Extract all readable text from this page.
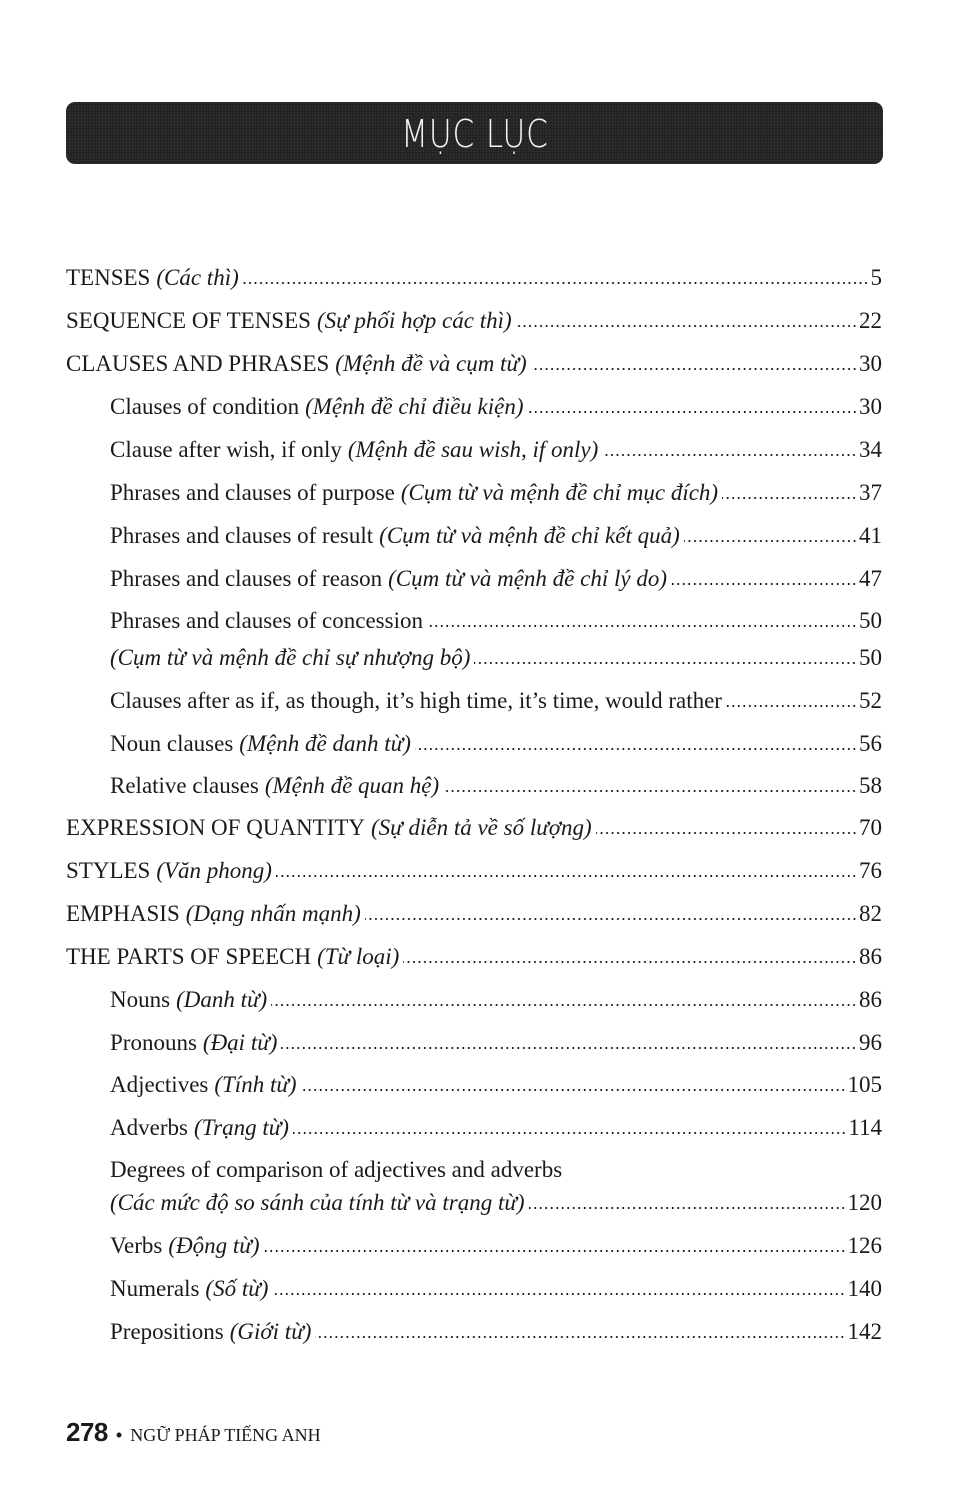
MỤC LỤC
TENSES (Các thì)	5
SEQUENCE OF TENSES (Sự phối hợp các thì)	22
CLAUSES AND PHRASES (Mệnh đề và cụm từ)	30
Clauses of condition (Mệnh đề chỉ điều kiện)	30
Clause after wish, if only (Mệnh đề sau wish, if only)	34
Phrases and clauses of purpose (Cụm từ và mệnh đề chỉ mục đích)	37
Phrases and clauses of result (Cụm từ và mệnh đề chỉ kết quả)	41
Phrases and clauses of reason (Cụm từ và mệnh đề chỉ lý do)	47
Phrases and clauses of concession	50
(Cụm từ và mệnh đề chỉ sự nhượng bộ)	50
Clauses after as if, as though, it’s high time, it’s time, would rather	52
Noun clauses (Mệnh đề danh từ)	56
Relative clauses (Mệnh đề quan hệ)	58
EXPRESSION OF QUANTITY (Sự diễn tả về số lượng)	70
STYLES (Văn phong)	76
EMPHASIS (Dạng nhấn mạnh)	82
THE PARTS OF SPEECH (Từ loại)	86
Nouns (Danh từ)	86
Pronouns (Đại từ)	96
Adjectives (Tính từ)	105
Adverbs (Trạng từ)	114
Degrees of comparison of adjectives and adverbs
(Các mức độ so sánh của tính từ và trạng từ)	120
Verbs (Động từ)	126
Numerals (Số từ)	140
Prepositions (Giới từ)	142
278 • NGỮ PHÁP TIẾNG ANH
